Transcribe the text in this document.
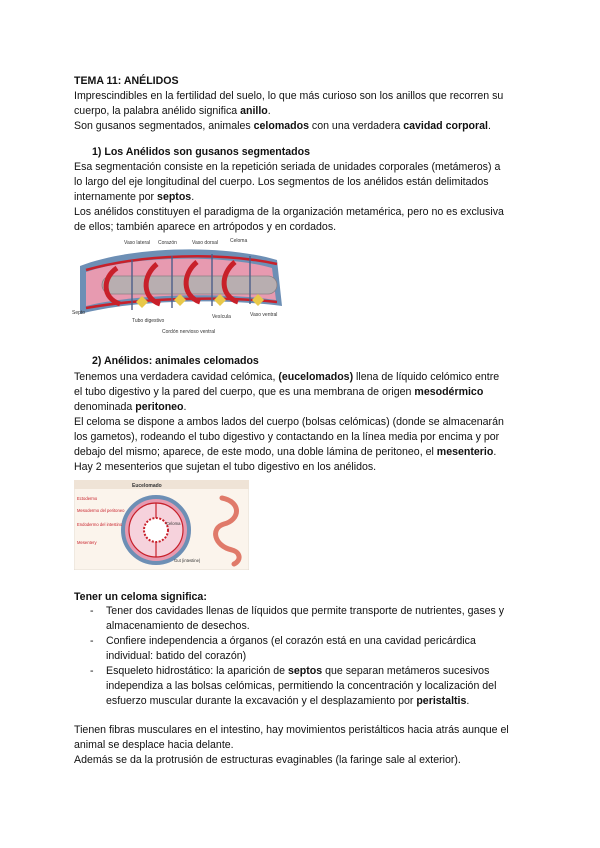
TEMA 11: ANÉLIDOS
Imprescindibles en la fertilidad del suelo, lo que más curioso son los anillos que recorren su
cuerpo, la palabra anélido significa anillo.
Son gusanos segmentados, animales celomados con una verdadera cavidad corporal.
1) Los Anélidos son gusanos segmentados
Esa segmentación consiste en la repetición seriada de unidades corporales (metámeros) a
lo largo del eje longitudinal del cuerpo. Los segmentos de los anélidos están delimitados
internamente por septos.
Los anélidos constituyen el paradigma de la organización metamérica, pero no es exclusiva
de ellos; también aparece en artrópodos y en cordados.
Vaso lateral Corazón	Vaso dorsal Celoma
Septo
Tubo digestivo
Vesícula	Vaso ventral
Cordón nervioso ventral
2) Anélidos: animales celomados
Tenemos una verdadera cavidad celómica, (eucelomados) llena de líquido celómico entre
el tubo digestivo y la pared del cuerpo, que es una membrana de origen mesodérmico
denominada peritoneo.
El celoma se dispone a ambos lados del cuerpo (bolsas celómicas) (donde se almacenarán
los gametos), rodeando el tubo digestivo y contactando en la línea media por encima y por
debajo del mismo; aparece, de este modo, una doble lámina de peritoneo, el mesenterio.
Hay 2 mesenterios que sujetan el tubo digestivo en los anélidos.
Eucelomado
Ectodermo
Mesodermo del peritoneo
Endodermo del intestino
Mesentery
Celoma
Gut (intestine)
Tener un celoma significa:
- Tener dos cavidades llenas de líquidos que permite transporte de nutrientes, gases y
almacenamiento de desechos.
- Confiere independencia a órganos (el corazón está en una cavidad pericárdica
individual: batido del corazón)
- Esqueleto hidrostático: la aparición de septos que separan metámeros sucesivos
independiza a las bolsas celómicas, permitiendo la concentración y localización del
esfuerzo muscular durante la excavación y el desplazamiento por peristaltis.
Tienen fibras musculares en el intestino, hay movimientos peristálticos hacia atrás aunque el
animal se desplace hacia delante.
Además se da la protrusión de estructuras evaginables (la faringe sale al exterior).
